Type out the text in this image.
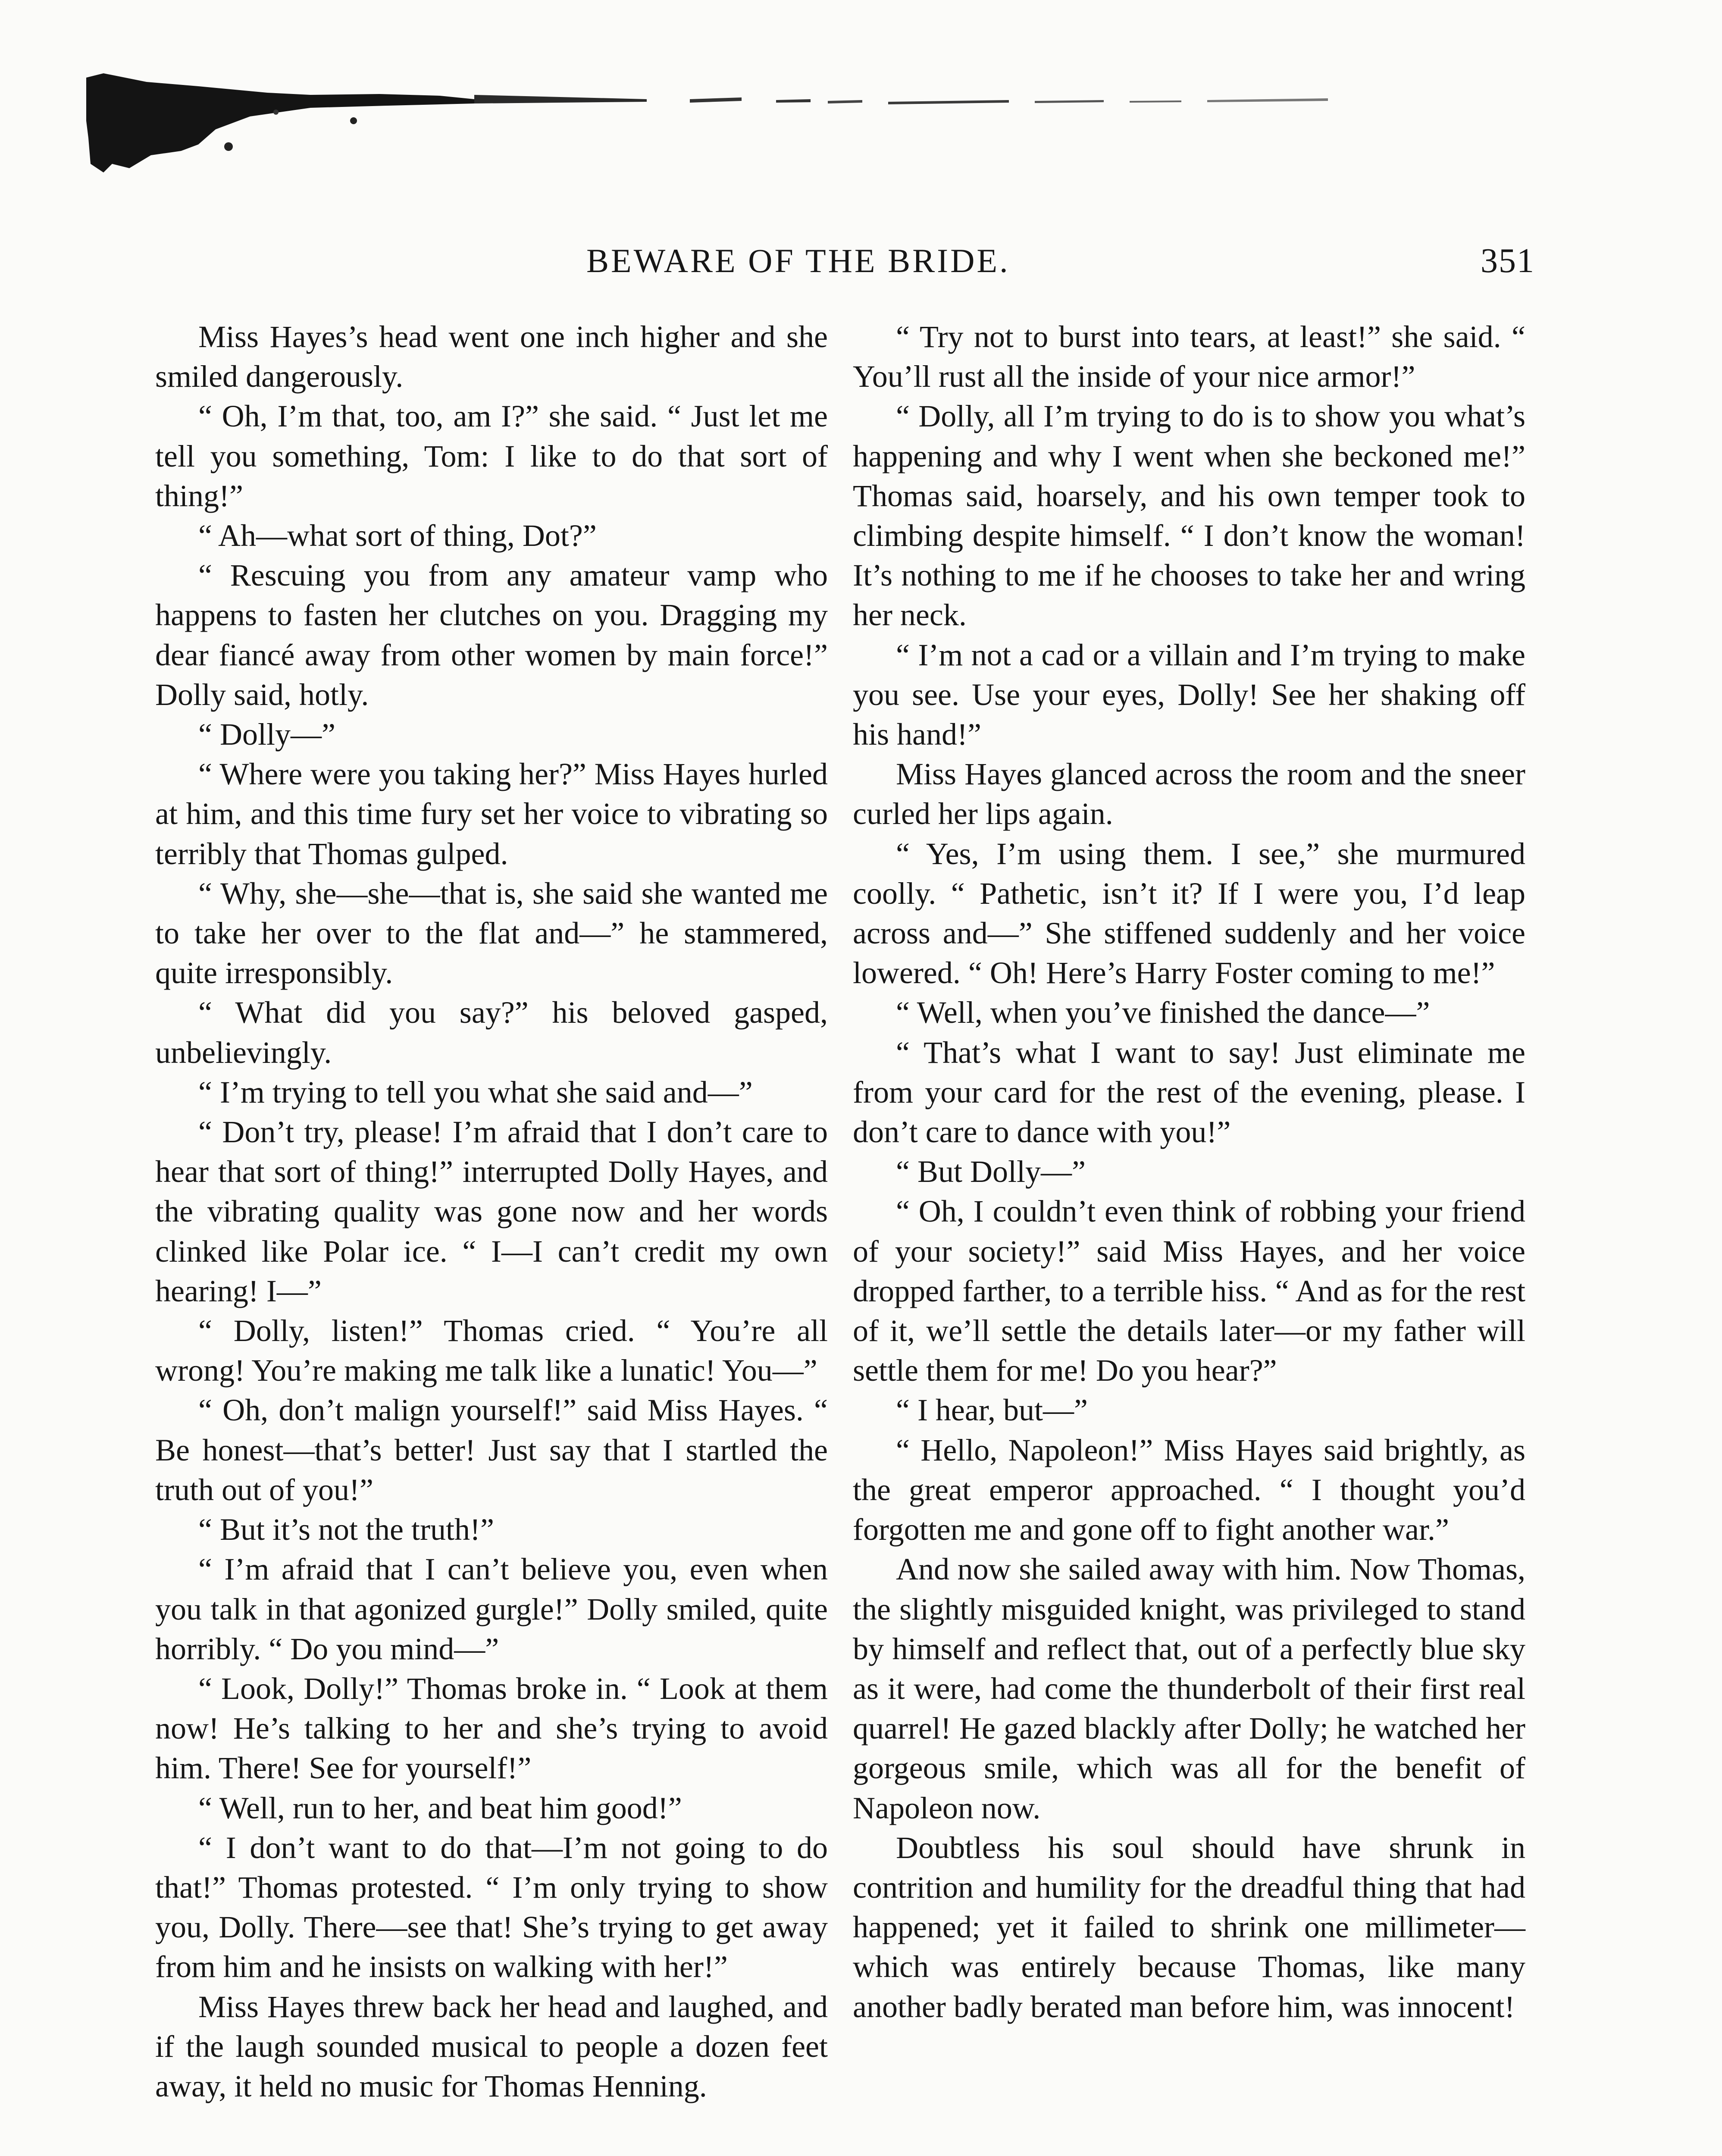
BEWARE OF THE BRIDE.	351

Miss Hayes’s head went one inch higher and she smiled dangerously.

“ Oh, I’m that, too, am I?” she said. “ Just let me tell you something, Tom: I like to do that sort of thing!”

“ Ah—what sort of thing, Dot?”

“ Rescuing you from any amateur vamp who happens to fasten her clutches on you. Dragging my dear fiancé away from other women by main force!” Dolly said, hotly.

“ Dolly—”

“ Where were you taking her?” Miss Hayes hurled at him, and this time fury set her voice to vibrating so terribly that Thomas gulped.

“ Why, she—she—that is, she said she wanted me to take her over to the flat and—” he stammered, quite irresponsibly.

“ What did you say?” his beloved gasped, unbelievingly.

“ I’m trying to tell you what she said and—”

“ Don’t try, please! I’m afraid that I don’t care to hear that sort of thing!” interrupted Dolly Hayes, and the vibrating quality was gone now and her words clinked like Polar ice. “ I—I can’t credit my own hearing! I—”

“ Dolly, listen!” Thomas cried. “ You’re all wrong! You’re making me talk like a lunatic! You—”

“ Oh, don’t malign yourself!” said Miss Hayes. “ Be honest—that’s better! Just say that I startled the truth out of you!”

“ But it’s not the truth!”

“ I’m afraid that I can’t believe you, even when you talk in that agonized gurgle!” Dolly smiled, quite horribly. “ Do you mind—”

“ Look, Dolly!” Thomas broke in. “ Look at them now! He’s talking to her and she’s trying to avoid him. There! See for yourself!”

“ Well, run to her, and beat him good!”

“ I don’t want to do that—I’m not going to do that!” Thomas protested. “ I’m only trying to show you, Dolly. There—see that! She’s trying to get away from him and he insists on walking with her!”

Miss Hayes threw back her head and laughed, and if the laugh sounded musical to people a dozen feet away, it held no music for Thomas Henning.

“ Try not to burst into tears, at least!” she said. “ You’ll rust all the inside of your nice armor!”

“ Dolly, all I’m trying to do is to show you what’s happening and why I went when she beckoned me!” Thomas said, hoarsely, and his own temper took to climbing despite himself. “ I don’t know the woman! It’s nothing to me if he chooses to take her and wring her neck.

“ I’m not a cad or a villain and I’m trying to make you see. Use your eyes, Dolly! See her shaking off his hand!”

Miss Hayes glanced across the room and the sneer curled her lips again.

“ Yes, I’m using them. I see,” she murmured coolly. “ Pathetic, isn’t it? If I were you, I’d leap across and—” She stiffened suddenly and her voice lowered. “ Oh! Here’s Harry Foster coming to me!”

“ Well, when you’ve finished the dance—”

“ That’s what I want to say! Just eliminate me from your card for the rest of the evening, please. I don’t care to dance with you!”

“ But Dolly—”

“ Oh, I couldn’t even think of robbing your friend of your society!” said Miss Hayes, and her voice dropped farther, to a terrible hiss. “ And as for the rest of it, we’ll settle the details later—or my father will settle them for me! Do you hear?”

“ I hear, but—”

“ Hello, Napoleon!” Miss Hayes said brightly, as the great emperor approached. “ I thought you’d forgotten me and gone off to fight another war.”

And now she sailed away with him. Now Thomas, the slightly misguided knight, was privileged to stand by himself and reflect that, out of a perfectly blue sky as it were, had come the thunderbolt of their first real quarrel! He gazed blackly after Dolly; he watched her gorgeous smile, which was all for the benefit of Napoleon now.

Doubtless his soul should have shrunk in contrition and humility for the dreadful thing that had happened; yet it failed to shrink one millimeter—which was entirely because Thomas, like many another badly berated man before him, was innocent!
